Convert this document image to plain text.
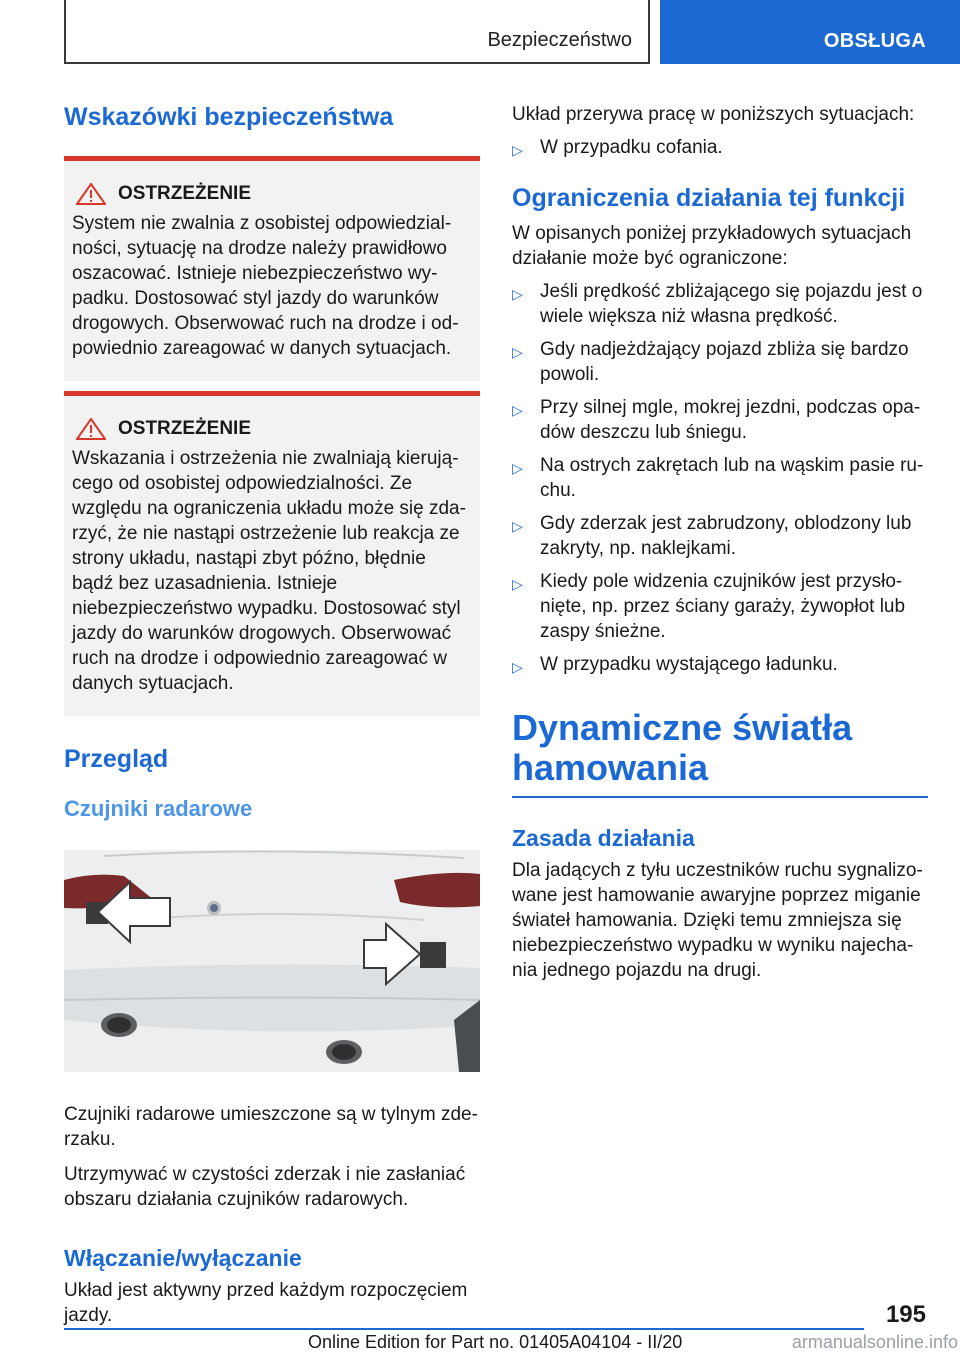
Bezpieczeństwo	OBSŁUGA
Wskazówki bezpieczeństwa
OSTRZEŻENIE
System nie zwalnia z osobistej odpowiedzialności, sytuację na drodze należy prawidłowo oszacować. Istnieje niebezpieczeństwo wypadku. Dostosować styl jazdy do warunków drogowych. Obserwować ruch na drodze i odpowiednio zareagować w danych sytuacjach.
OSTRZEŻENIE
Wskazania i ostrzeżenia nie zwalniają kierującego od osobistej odpowiedzialności. Ze względu na ograniczenia układu może się zdarzyć, że nie nastąpi ostrzeżenie lub reakcja ze strony układu, nastąpi zbyt późno, błędnie bądź bez uzasadnienia. Istnieje niebezpieczeństwo wypadku. Dostosować styl jazdy do warunków drogowych. Obserwować ruch na drodze i odpowiednio zareagować w danych sytuacjach.
Przegląd
Czujniki radarowe
Czujniki radarowe umieszczone są w tylnym zderzaku.
Utrzymywać w czystości zderzak i nie zasłaniać obszaru działania czujników radarowych.
Włączanie/wyłączanie
Układ jest aktywny przed każdym rozpoczęciem jazdy.
Układ przerywa pracę w poniższych sytuacjach:
▷ W przypadku cofania.
Ograniczenia działania tej funkcji
W opisanych poniżej przykładowych sytuacjach działanie może być ograniczone:
▷ Jeśli prędkość zbliżającego się pojazdu jest o wiele większa niż własna prędkość.
▷ Gdy nadjeżdżający pojazd zbliża się bardzo powoli.
▷ Przy silnej mgle, mokrej jezdni, podczas opadów deszczu lub śniegu.
▷ Na ostrych zakrętach lub na wąskim pasie ruchu.
▷ Gdy zderzak jest zabrudzony, oblodzony lub zakryty, np. naklejkami.
▷ Kiedy pole widzenia czujników jest przysłonięte, np. przez ściany garaży, żywopłot lub zaspy śnieżne.
▷ W przypadku wystającego ładunku.
Dynamiczne światła hamowania
Zasada działania
Dla jadących z tyłu uczestników ruchu sygnalizowane jest hamowanie awaryjne poprzez miganie świateł hamowania. Dzięki temu zmniejsza się niebezpieczeństwo wypadku w wyniku najechania jednego pojazdu na drugi.
195
Online Edition for Part no. 01405A04104 - II/20	armanualsonline.info
